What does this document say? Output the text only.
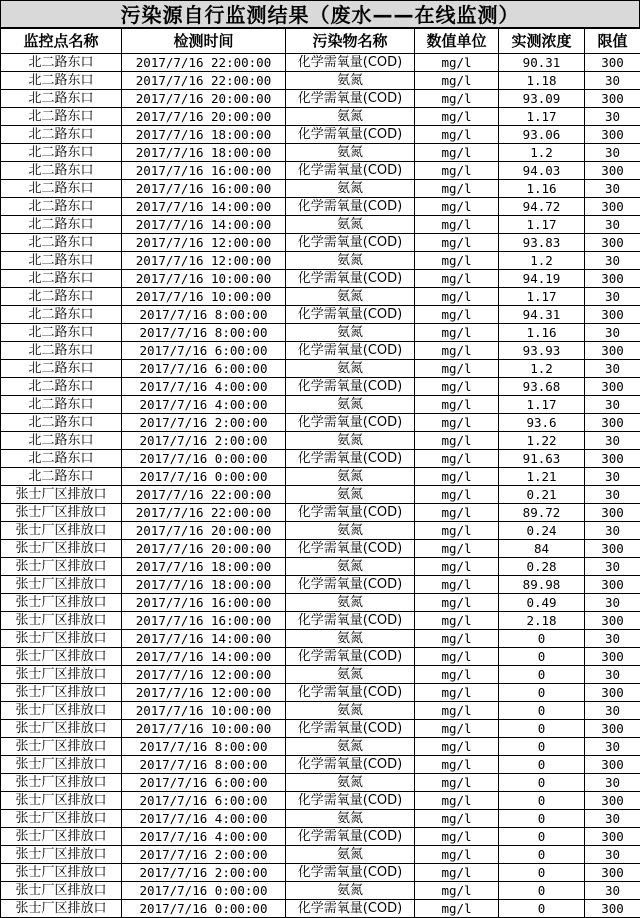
污染源自行监测结果（废水——在线监测）
监控点名称	检测时间	污染物名称	数值单位	实测浓度	限值
北二路东口	2017/7/16 22:00:00	化学需氧量(COD)	mg/l	90.31	300
北二路东口	2017/7/16 22:00:00	氨氮	mg/l	1.18	30
北二路东口	2017/7/16 20:00:00	化学需氧量(COD)	mg/l	93.09	300
北二路东口	2017/7/16 20:00:00	氨氮	mg/l	1.17	30
北二路东口	2017/7/16 18:00:00	化学需氧量(COD)	mg/l	93.06	300
北二路东口	2017/7/16 18:00:00	氨氮	mg/l	1.2	30
北二路东口	2017/7/16 16:00:00	化学需氧量(COD)	mg/l	94.03	300
北二路东口	2017/7/16 16:00:00	氨氮	mg/l	1.16	30
北二路东口	2017/7/16 14:00:00	化学需氧量(COD)	mg/l	94.72	300
北二路东口	2017/7/16 14:00:00	氨氮	mg/l	1.17	30
北二路东口	2017/7/16 12:00:00	化学需氧量(COD)	mg/l	93.83	300
北二路东口	2017/7/16 12:00:00	氨氮	mg/l	1.2	30
北二路东口	2017/7/16 10:00:00	化学需氧量(COD)	mg/l	94.19	300
北二路东口	2017/7/16 10:00:00	氨氮	mg/l	1.17	30
北二路东口	2017/7/16 8:00:00	化学需氧量(COD)	mg/l	94.31	300
北二路东口	2017/7/16 8:00:00	氨氮	mg/l	1.16	30
北二路东口	2017/7/16 6:00:00	化学需氧量(COD)	mg/l	93.93	300
北二路东口	2017/7/16 6:00:00	氨氮	mg/l	1.2	30
北二路东口	2017/7/16 4:00:00	化学需氧量(COD)	mg/l	93.68	300
北二路东口	2017/7/16 4:00:00	氨氮	mg/l	1.17	30
北二路东口	2017/7/16 2:00:00	化学需氧量(COD)	mg/l	93.6	300
北二路东口	2017/7/16 2:00:00	氨氮	mg/l	1.22	30
北二路东口	2017/7/16 0:00:00	化学需氧量(COD)	mg/l	91.63	300
北二路东口	2017/7/16 0:00:00	氨氮	mg/l	1.21	30
张士厂区排放口	2017/7/16 22:00:00	氨氮	mg/l	0.21	30
张士厂区排放口	2017/7/16 22:00:00	化学需氧量(COD)	mg/l	89.72	300
张士厂区排放口	2017/7/16 20:00:00	氨氮	mg/l	0.24	30
张士厂区排放口	2017/7/16 20:00:00	化学需氧量(COD)	mg/l	84	300
张士厂区排放口	2017/7/16 18:00:00	氨氮	mg/l	0.28	30
张士厂区排放口	2017/7/16 18:00:00	化学需氧量(COD)	mg/l	89.98	300
张士厂区排放口	2017/7/16 16:00:00	氨氮	mg/l	0.49	30
张士厂区排放口	2017/7/16 16:00:00	化学需氧量(COD)	mg/l	2.18	300
张士厂区排放口	2017/7/16 14:00:00	氨氮	mg/l	0	30
张士厂区排放口	2017/7/16 14:00:00	化学需氧量(COD)	mg/l	0	300
张士厂区排放口	2017/7/16 12:00:00	氨氮	mg/l	0	30
张士厂区排放口	2017/7/16 12:00:00	化学需氧量(COD)	mg/l	0	300
张士厂区排放口	2017/7/16 10:00:00	氨氮	mg/l	0	30
张士厂区排放口	2017/7/16 10:00:00	化学需氧量(COD)	mg/l	0	300
张士厂区排放口	2017/7/16 8:00:00	氨氮	mg/l	0	30
张士厂区排放口	2017/7/16 8:00:00	化学需氧量(COD)	mg/l	0	300
张士厂区排放口	2017/7/16 6:00:00	氨氮	mg/l	0	30
张士厂区排放口	2017/7/16 6:00:00	化学需氧量(COD)	mg/l	0	300
张士厂区排放口	2017/7/16 4:00:00	氨氮	mg/l	0	30
张士厂区排放口	2017/7/16 4:00:00	化学需氧量(COD)	mg/l	0	300
张士厂区排放口	2017/7/16 2:00:00	氨氮	mg/l	0	30
张士厂区排放口	2017/7/16 2:00:00	化学需氧量(COD)	mg/l	0	300
张士厂区排放口	2017/7/16 0:00:00	氨氮	mg/l	0	30
张士厂区排放口	2017/7/16 0:00:00	化学需氧量(COD)	mg/l	0	300
